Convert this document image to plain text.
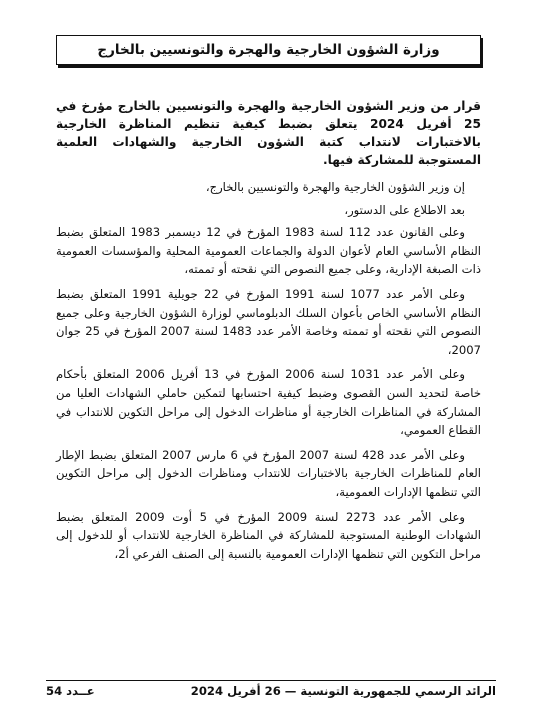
وزارة الشؤون الخارجية والهجرة والتونسيين بالخارج
قرار من وزير الشؤون الخارجية والهجرة والتونسيين بالخارج مؤرخ في 25 أفريل 2024 يتعلق بضبط كيفية تنظيم المناظرة الخارجية بالاختبارات لانتداب كتبة الشؤون الخارجية والشهادات العلمية المستوجبة للمشاركة فيها.

إن وزير الشؤون الخارجية والهجرة والتونسيين بالخارج،

بعد الاطلاع على الدستور،

وعلى القانون عدد 112 لسنة 1983 المؤرخ في 12 ديسمبر 1983 المتعلق بضبط النظام الأساسي العام لأعوان الدولة والجماعات العمومية المحلية والمؤسسات العمومية ذات الصبغة الإدارية، وعلى جميع النصوص التي نقحته أو تممته،

وعلى الأمر عدد 1077 لسنة 1991 المؤرخ في 22 جويلية 1991 المتعلق بضبط النظام الأساسي الخاص بأعوان السلك الدبلوماسي لوزارة الشؤون الخارجية وعلى جميع النصوص التي نقحته أو تممته وخاصة الأمر عدد 1483 لسنة 2007 المؤرخ في 25 جوان 2007،

وعلى الأمر عدد 1031 لسنة 2006 المؤرخ في 13 أفريل 2006 المتعلق بأحكام خاصة لتحديد السن القصوى وضبط كيفية احتسابها لتمكين حاملي الشهادات العليا من المشاركة في المناظرات الخارجية أو مناظرات الدخول إلى مراحل التكوين للانتداب في القطاع العمومي،

وعلى الأمر عدد 428 لسنة 2007 المؤرخ في 6 مارس 2007 المتعلق بضبط الإطار العام للمناظرات الخارجية بالاختبارات للانتداب ومناظرات الدخول إلى مراحل التكوين التي تنظمها الإدارات العمومية،

وعلى الأمر عدد 2273 لسنة 2009 المؤرخ في 5 أوت 2009 المتعلق بضبط الشهادات الوطنية المستوجبة للمشاركة في المناظرة الخارجية للانتداب أو للدخول إلى مراحل التكوين التي تنظمها الإدارات العمومية بالنسبة إلى الصنف الفرعي أ2،

الرائد الرسمي للجمهورية التونسية — 26 أفريل 2024
عــدد 54
